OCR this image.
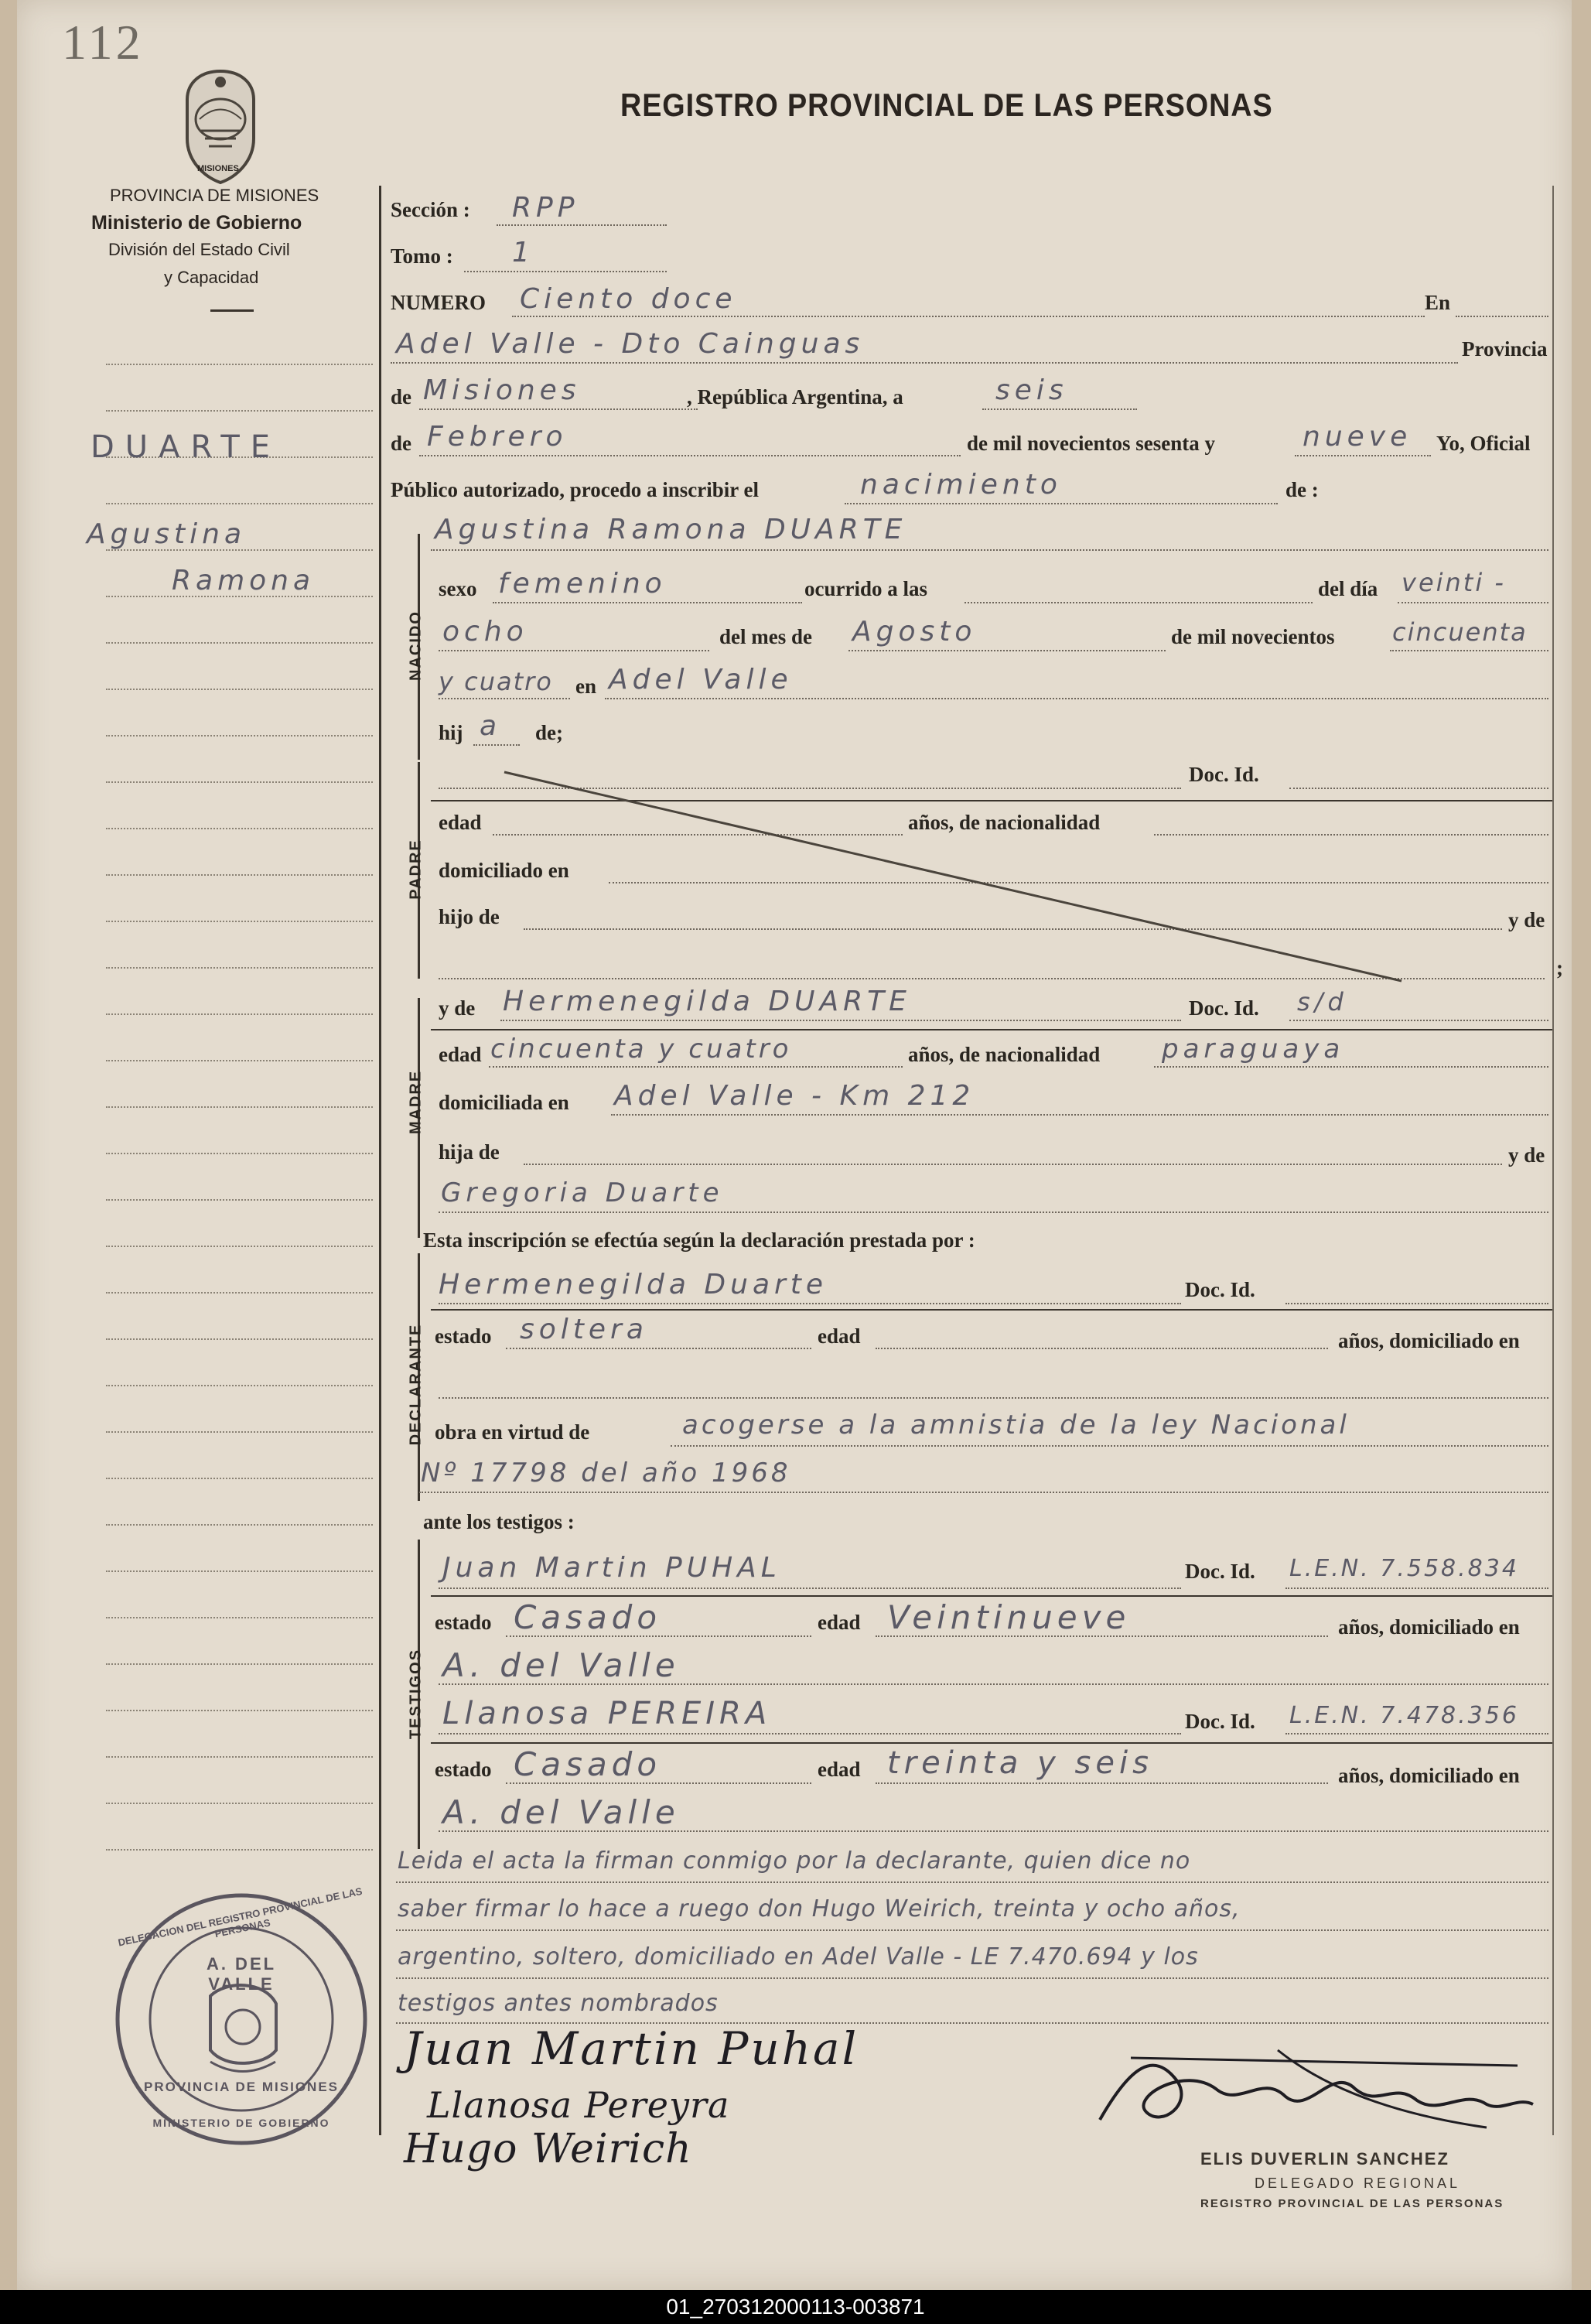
112
MISIONES
REGISTRO PROVINCIAL DE LAS PERSONAS
PROVINCIA DE MISIONES
Ministerio de Gobierno
División del Estado Civil
y Capacidad
DUARTE
Agustina
Ramona
Sección : RPP
Tomo : 1
NUMERO Ciento doce	En
Adel Valle - Dto Cainguas	Provincia
de Misiones	, República Argentina, a	seis
de Febrero	de mil novecientos sesenta y	nueve Yo, Oficial
Público autorizado, procedo a inscribir el	nacimiento	de :
NACIDO
Agustina Ramona DUARTE
sexo femenino	ocurrido a las	del día veinti -
ocho	del mes de Agosto	de mil novecientos cincuenta
y cuatro en Adel Valle
hij a de;
PADRE
Doc. Id.
edad	años, de nacionalidad
domiciliado en
hijo de	y de
;
MADRE
y de Hermenegilda DUARTE	Doc. Id. s/d
edad cincuenta y cuatro	años, de nacionalidad paraguaya
domiciliada en Adel Valle - Km 212
hija de	y de
Gregoria Duarte
Esta inscripción se efectúa según la declaración prestada por :
DECLARANTE
Hermenegilda Duarte	Doc. Id.
estado soltera	edad	años, domiciliado en
obra en virtud de	acogerse a la amnistia de la ley Nacional
Nº 17798 del año 1968
ante los testigos :
TESTIGOS
Juan Martin PUHAL	Doc. Id. L.E.N. 7.558.834
estado Casado	edad Veintinueve	años, domiciliado en
A. del Valle
Llanosa PEREIRA	Doc. Id. L.E.N. 7.478.356
estado Casado	edad treinta y seis	años, domiciliado en
A. del Valle
Leida el acta la firman conmigo por la declarante, quien dice no
saber firmar lo hace a ruego don Hugo Weirich, treinta y ocho años,
argentino, soltero, domiciliado en Adel Valle - LE 7.470.694 y los
testigos antes nombrados
Juan Martin Puhal
Llanosa Pereyra
Hugo Weirich	ELIS DUVERLIN SANCHEZ
DELEGADO REGIONAL
REGISTRO PROVINCIAL DE LAS PERSONAS
DELEGACION DEL REGISTRO PROVINCIAL DE LAS PERSONAS
A. DEL VALLE
PROVINCIA DE MISIONES
MINISTERIO DE GOBIERNO
01_270312000113-003871
